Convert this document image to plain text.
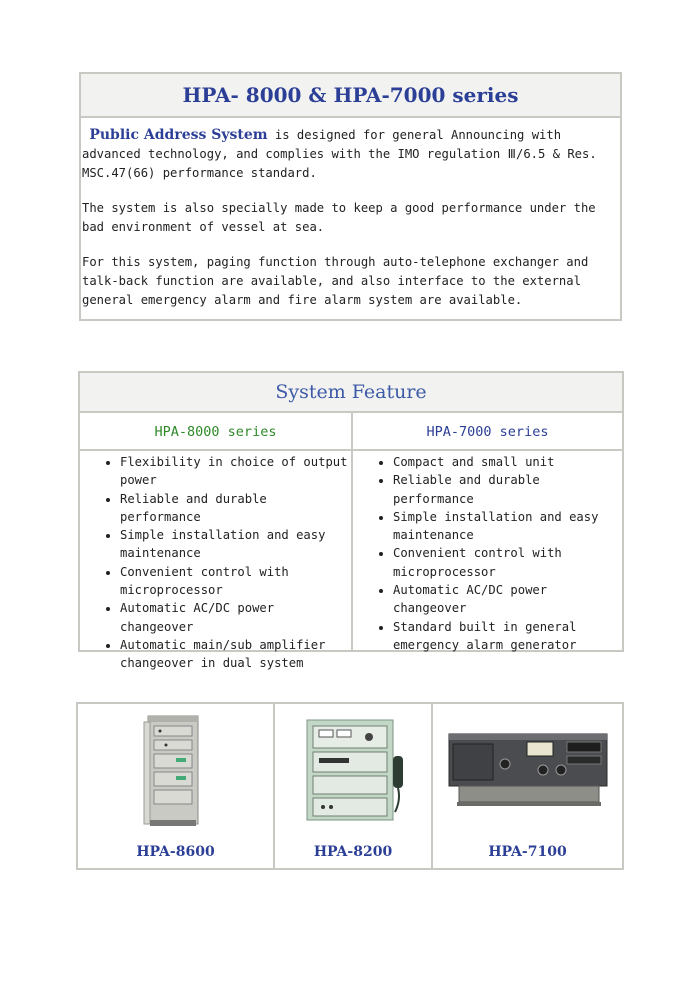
HPA- 8000 & HPA-7000 series

Public Address System is designed for general Announcing with advanced technology, and complies with the IMO regulation Ⅲ/6.5 & Res. MSC.47(66) performance standard.

The system is also specially made to keep a good performance under the bad environment of vessel at sea.

For this system, paging function through auto-telephone exchanger and talk-back function are available, and also interface to the external general emergency alarm and fire alarm system are available.

System Feature
HPA-8000 series	HPA-7000 series
• Flexibility in choice of output power
• Reliable and durable performance
• Simple installation and easy maintenance
• Convenient control with microprocessor
• Automatic AC/DC power changeover
• Automatic main/sub amplifier changeover in dual system
• Compact and small unit
• Reliable and durable performance
• Simple installation and easy maintenance
• Convenient control with microprocessor
• Automatic AC/DC power changeover
• Standard built in general emergency alarm generator
HPA-8600	HPA-8200	HPA-7100
